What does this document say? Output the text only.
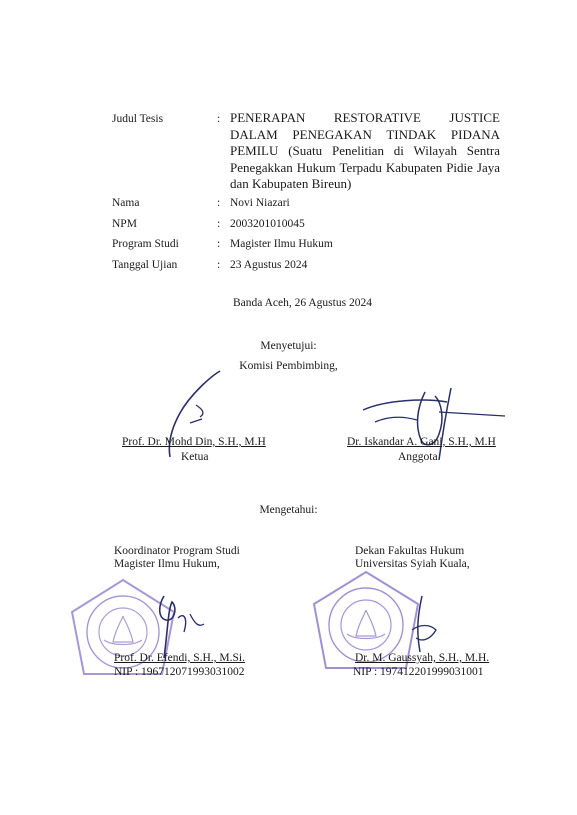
Judul Tesis	: PENERAPAN RESTORATIVE JUSTICE
DALAM PENEGAKAN TINDAK PIDANA
PEMILU (Suatu Penelitian di Wilayah Sentra Penegakkan Hukum Terpadu Kabupaten Pidie Jaya dan Kabupaten Bireun)
Nama	: Novi Niazari
NPM	: 2003201010045
Program Studi	: Magister Ilmu Hukum
Tanggal Ujian	: 23 Agustus 2024
Banda Aceh, 26 Agustus 2024
Menyetujui:
Komisi Pembimbing,
Prof. Dr. Mohd Din, S.H., M.H
Ketua
Dr. Iskandar A. Gani, S.H., M.H
Anggota
Mengetahui:
Koordinator Program Studi
Magister Ilmu Hukum,
Dekan Fakultas Hukum
Universitas Syiah Kuala,
Prof. Dr. Efendi, S.H., M.Si.
NIP : 196712071993031002
Dr. M. Gaussyah, S.H., M.H.
NIP : 197412201999031001
